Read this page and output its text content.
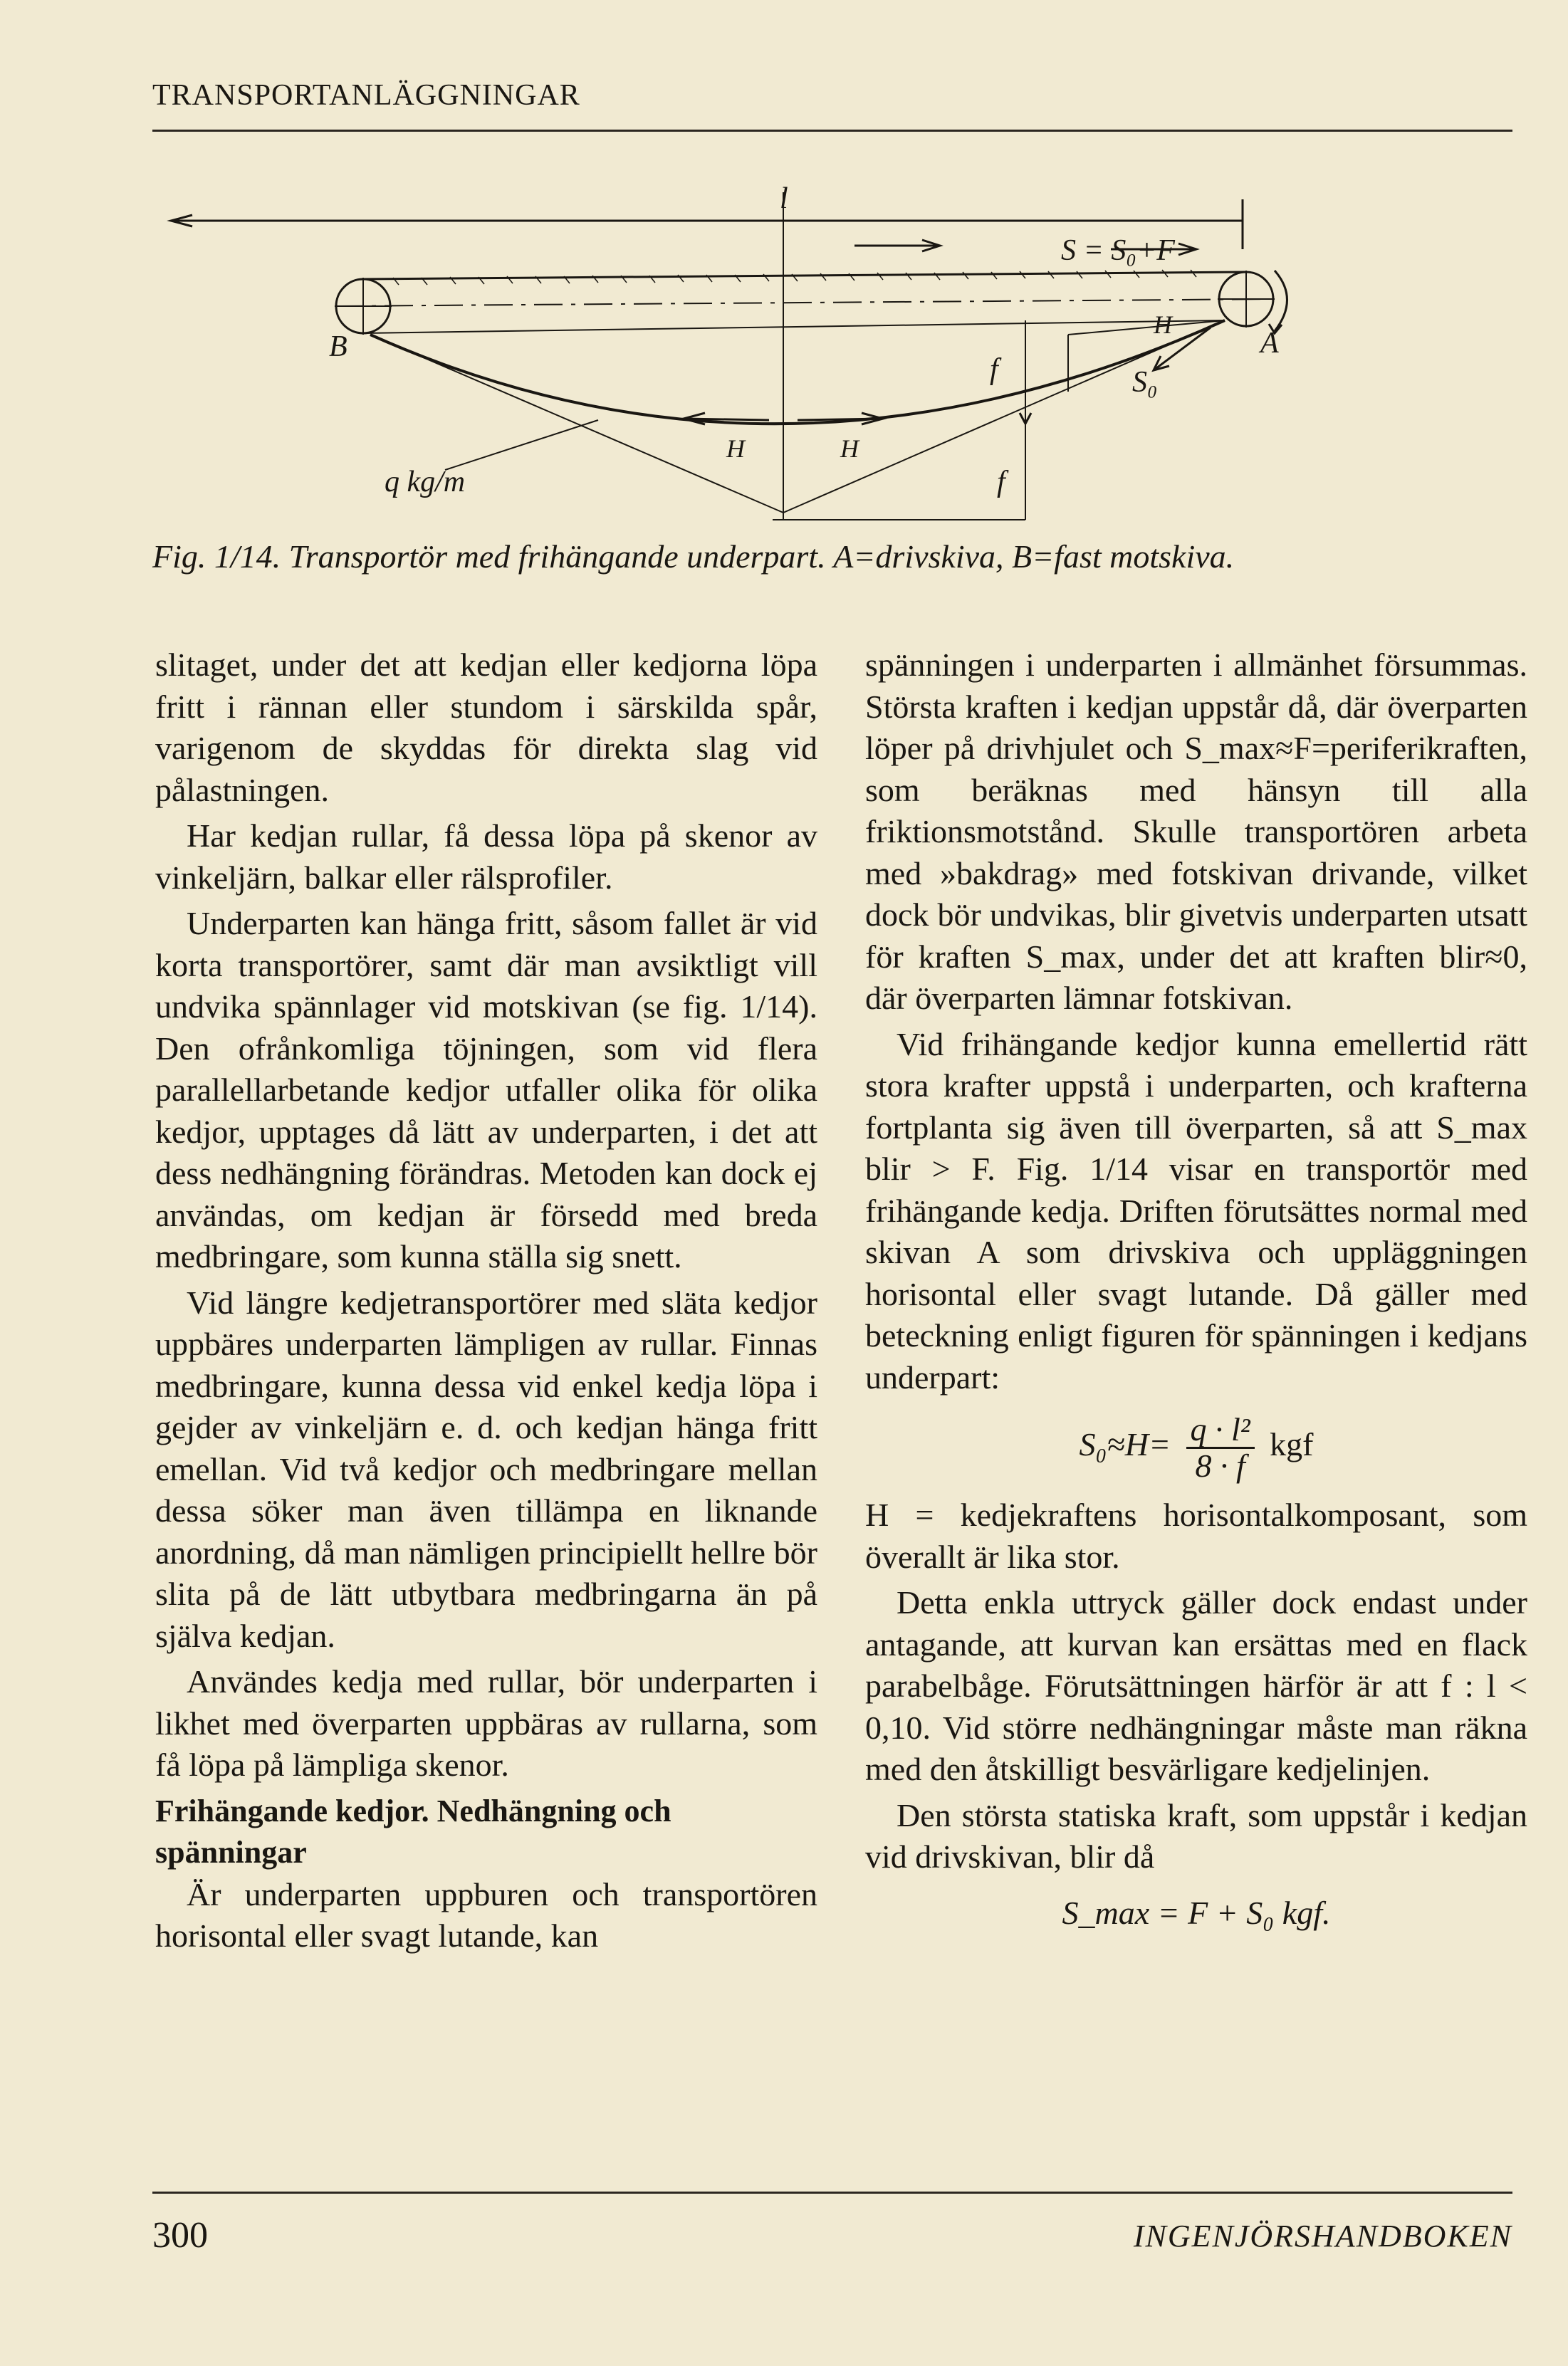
TRANSPORTANLÄGGNINGAR
l
S = S₀+F
H
A
B
f	S₀
H	H
f
q kg/m
Fig. 1/14. Transportör med frihängande underpart. A=drivskiva, B=fast motskiva.

slitaget, under det att kedjan eller kedjorna löpa fritt i rännan eller stundom i särskilda spår, varigenom de skyddas för direkta slag vid pålastningen.

Har kedjan rullar, få dessa löpa på skenor av vinkeljärn, balkar eller rälsprofiler.

Underparten kan hänga fritt, såsom fallet är vid korta transportörer, samt där man avsiktligt vill undvika spännlager vid motskivan (se fig. 1/14). Den ofrånkomliga töjningen, som vid flera parallellarbetande kedjor utfaller olika för olika kedjor, upptages då lätt av underparten, i det att dess nedhängning förändras. Metoden kan dock ej användas, om kedjan är försedd med breda medbringare, som kunna ställa sig snett.

Vid längre kedjetransportörer med släta kedjor uppbäres underparten lämpligen av rullar. Finnas medbringare, kunna dessa vid enkel kedja löpa i gejder av vinkeljärn e. d. och kedjan hänga fritt emellan. Vid två kedjor och medbringare mellan dessa söker man även tillämpa en liknande anordning, då man nämligen principiellt hellre bör slita på de lätt utbytbara medbringarna än på själva kedjan.

Användes kedja med rullar, bör underparten i likhet med överparten uppbäras av rullarna, som få löpa på lämpliga skenor.

Frihängande kedjor. Nedhängning och spänningar

Är underparten uppburen och transportören horisontal eller svagt lutande, kan

spänningen i underparten i allmänhet försummas. Största kraften i kedjan uppstår då, där överparten löper på drivhjulet och S_max≈F=periferikraften, som beräknas med hänsyn till alla friktionsmotstånd. Skulle transportören arbeta med »bakdrag» med fotskivan drivande, vilket dock bör undvikas, blir givetvis underparten utsatt för kraften S_max, under det att kraften blir≈0, där överparten lämnar fotskivan.

Vid frihängande kedjor kunna emellertid rätt stora krafter uppstå i underparten, och krafterna fortplanta sig även till överparten, så att S_max blir > F. Fig. 1/14 visar en transportör med frihängande kedja. Driften förutsättes normal med skivan A som drivskiva och uppläggningen horisontal eller svagt lutande. Då gäller med beteckning enligt figuren för spänningen i kedjans underpart:

$S_0\approx H= \frac{\text{q · l²}}{8 \cdot f}$ kgf

H = kedjekraftens horisontalkomposant, som överallt är lika stor.

Detta enkla uttryck gäller dock endast under antagande, att kurvan kan ersättas med en flack parabelbåge. Förutsättningen härför är att f : l < 0,10. Vid större nedhängningar måste man räkna med den åtskilligt besvärligare kedjelinjen.

Den största statiska kraft, som uppstår i kedjan vid drivskivan, blir då

S_max = F + S₀ kgf.
300	INGENJÖRSHANDBOKEN
